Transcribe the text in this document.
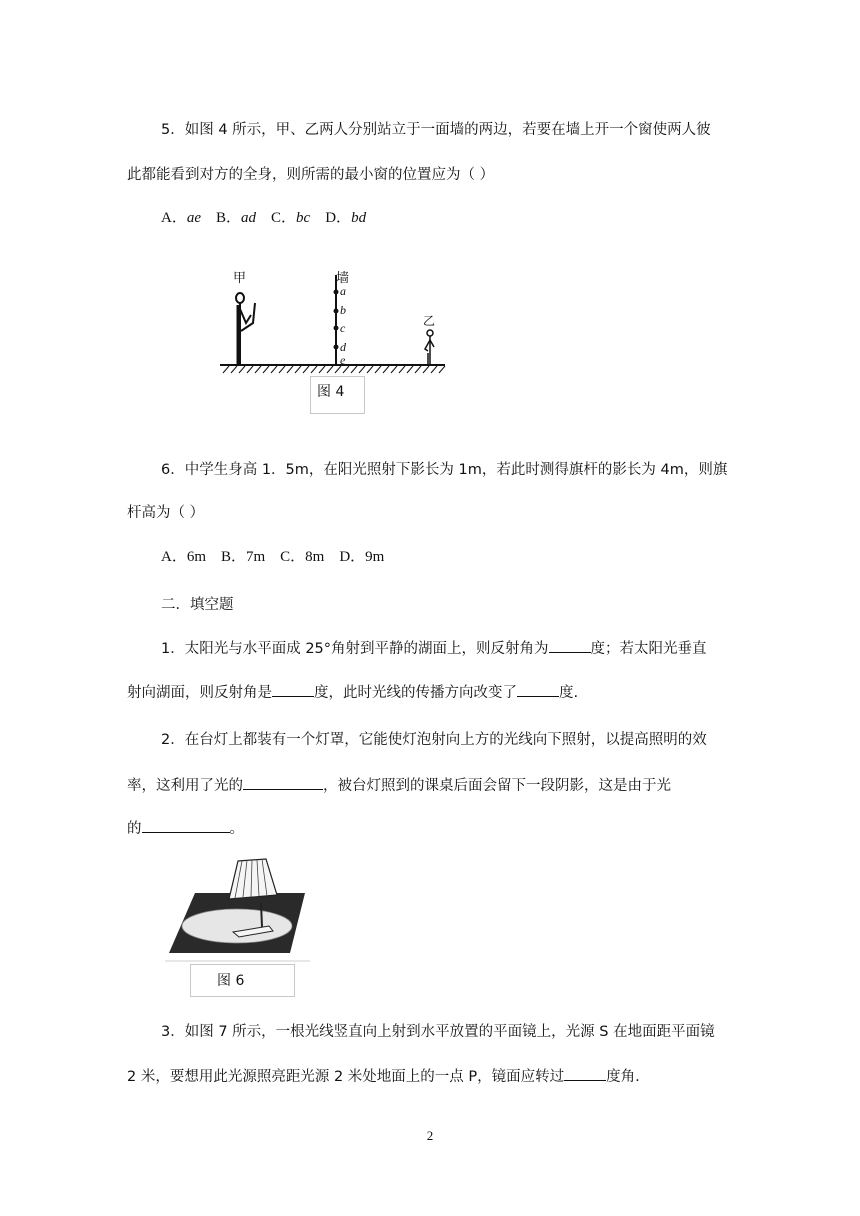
5．如图 4 所示，甲、乙两人分别站立于一面墙的两边，若要在墙上开一个窗使两人彼
此都能看到对方的全身，则所需的最小窗的位置应为（ ）
A．ae B．ad C．bc D．bd
甲	墙
a
b
c
d
e
乙
图 4
6．中学生身高 1．5m，在阳光照射下影长为 1m，若此时测得旗杆的影长为 4m，则旗
杆高为（ ）
A．6m    B．7m    C．8m    D．9m
二．填空题
1．太阳光与水平面成 25°角射到平静的湖面上，则反射角为	度；若太阳光垂直
射向湖面，则反射角是	度，此时光线的传播方向改变了	度.
2．在台灯上都装有一个灯罩，它能使灯泡射向上方的光线向下照射，以提高照明的效
率，这利用了光的	，被台灯照到的课桌后面会留下一段阴影，这是由于光
的	。
图 6
3．如图 7 所示，一根光线竖直向上射到水平放置的平面镜上，光源 S 在地面距平面镜
2 米，要想用此光源照亮距光源 2 米处地面上的一点 P，镜面应转过	度角.
2
